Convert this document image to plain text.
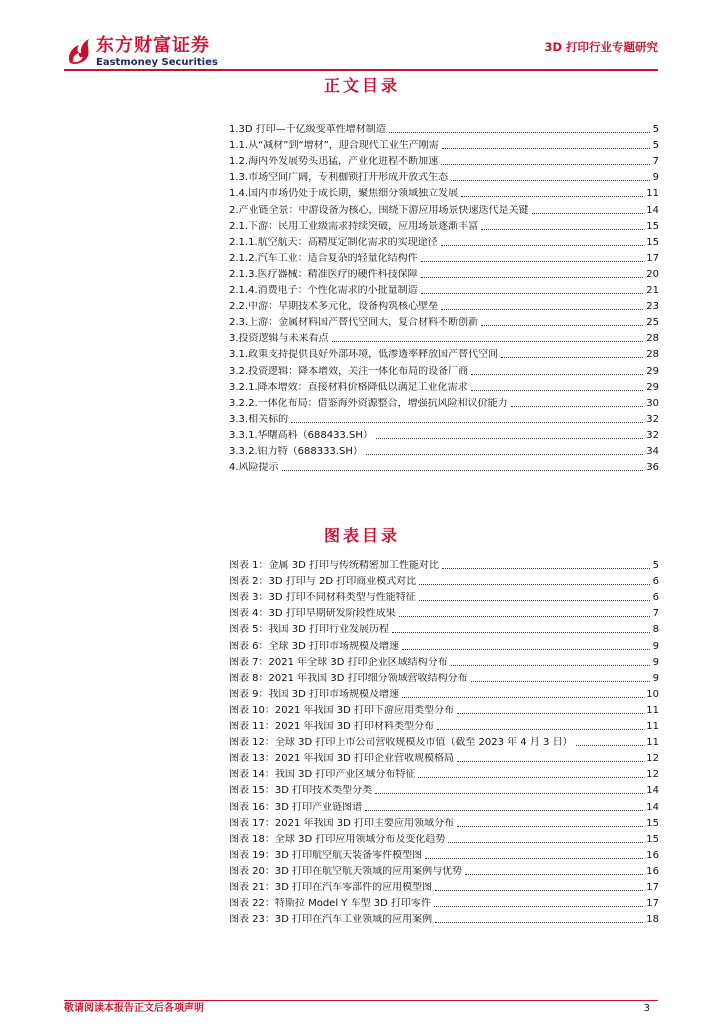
东方财富证券
Eastmoney Securities
3D 打印行业专题研究
正文目录
1.3D 打印—千亿级变革性增材制造	5
1.1.从“减材”到“增材”，迎合现代工业生产刚需	5
1.2.海内外发展势头迅猛，产业化进程不断加速	7
1.3.市场空间广阔，专利枷锁打开形成开放式生态	9
1.4.国内市场仍处于成长期，聚焦细分领域独立发展	11
2.产业链全景：中游设备为核心，围绕下游应用场景快速迭代是关键	14
2.1.下游：民用工业级需求持续突破，应用场景逐渐丰富	15
2.1.1.航空航天：高精度定制化需求的实现途径	15
2.1.2.汽车工业：适合复杂的轻量化结构件	17
2.1.3.医疗器械：精准医疗的硬件科技保障	20
2.1.4.消费电子：个性化需求的小批量制造	21
2.2.中游：早期技术多元化，设备构筑核心壁垒	23
2.3.上游：金属材料国产替代空间大，复合材料不断创新	25
3.投资逻辑与未来看点	28
3.1.政策支持提供良好外部环境，低渗透率释放国产替代空间	28
3.2.投资逻辑：降本增效，关注一体化布局的设备厂商	29
3.2.1.降本增效：直接材料价格降低以满足工业化需求	29
3.2.2.一体化布局：借鉴海外资源整合，增强抗风险和议价能力	30
3.3.相关标的	32
3.3.1.华曙高科（688433.SH）	32
3.3.2.铂力特（688333.SH）	34
4.风险提示	36
图表目录
图表 1：金属 3D 打印与传统精密加工性能对比	5
图表 2：3D 打印与 2D 打印商业模式对比	6
图表 3：3D 打印不同材料类型与性能特征	6
图表 4：3D 打印早期研发阶段性成果	7
图表 5：我国 3D 打印行业发展历程	8
图表 6：全球 3D 打印市场规模及增速	9
图表 7：2021 年全球 3D 打印企业区域结构分布	9
图表 8：2021 年我国 3D 打印细分领域营收结构分布	9
图表 9：我国 3D 打印市场规模及增速	10
图表 10：2021 年我国 3D 打印下游应用类型分布	11
图表 11：2021 年我国 3D 打印材料类型分布	11
图表 12：全球 3D 打印上市公司营收规模及市值（截至 2023 年 4 月 3 日）	11
图表 13：2021 年我国 3D 打印企业营收规模格局	12
图表 14：我国 3D 打印产业区域分布特征	12
图表 15：3D 打印技术类型分类	14
图表 16：3D 打印产业链图谱	14
图表 17：2021 年我国 3D 打印主要应用领域分布	15
图表 18：全球 3D 打印应用领域分布及变化趋势	15
图表 19：3D 打印航空航天装备零件模型图	16
图表 20：3D 打印在航空航天领域的应用案例与优势	16
图表 21：3D 打印在汽车零部件的应用模型图	17
图表 22：特斯拉 Model Y 车型 3D 打印零件	17
图表 23：3D 打印在汽车工业领域的应用案例	18
敬请阅读本报告正文后各项声明	3
